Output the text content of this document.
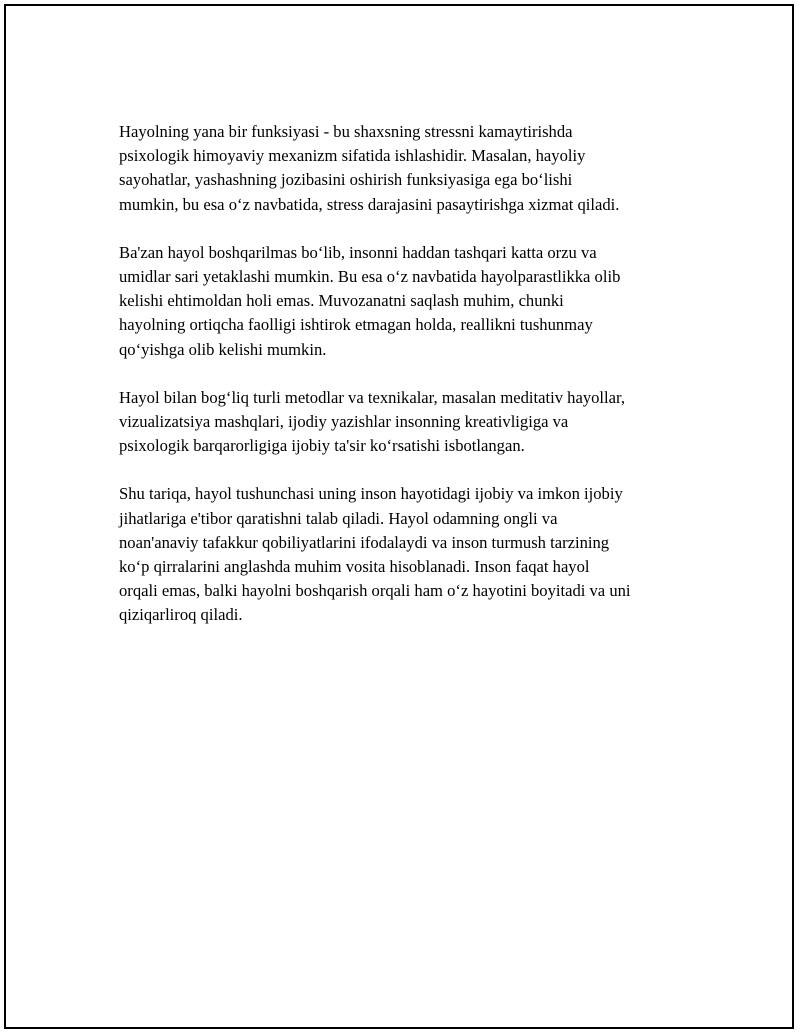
Hayolning yana bir funksiyasi - bu shaxsning stressni kamaytirishda
psixologik himoyaviy mexanizm sifatida ishlashidir. Masalan, hayoliy
sayohatlar, yashashning jozibasini oshirish funksiyasiga ega bo‘lishi
mumkin, bu esa o‘z navbatida, stress darajasini pasaytirishga xizmat qiladi.

Ba'zan hayol boshqarilmas bo‘lib, insonni haddan tashqari katta orzu va
umidlar sari yetaklashi mumkin. Bu esa o‘z navbatida hayolparastlikka olib
kelishi ehtimoldan holi emas. Muvozanatni saqlash muhim, chunki
hayolning ortiqcha faolligi ishtirok etmagan holda, reallikni tushunmay
qo‘yishga olib kelishi mumkin.

Hayol bilan bog‘liq turli metodlar va texnikalar, masalan meditativ hayollar,
vizualizatsiya mashqlari, ijodiy yazishlar insonning kreativligiga va
psixologik barqarorligiga ijobiy ta'sir ko‘rsatishi isbotlangan.

Shu tariqa, hayol tushunchasi uning inson hayotidagi ijobiy va imkon ijobiy
jihatlariga e'tibor qaratishni talab qiladi. Hayol odamning ongli va
noan'anaviy tafakkur qobiliyatlarini ifodalaydi va inson turmush tarzining
ko‘p qirralarini anglashda muhim vosita hisoblanadi. Inson faqat hayol
orqali emas, balki hayolni boshqarish orqali ham o‘z hayotini boyitadi va uni
qiziqarliroq qiladi.
